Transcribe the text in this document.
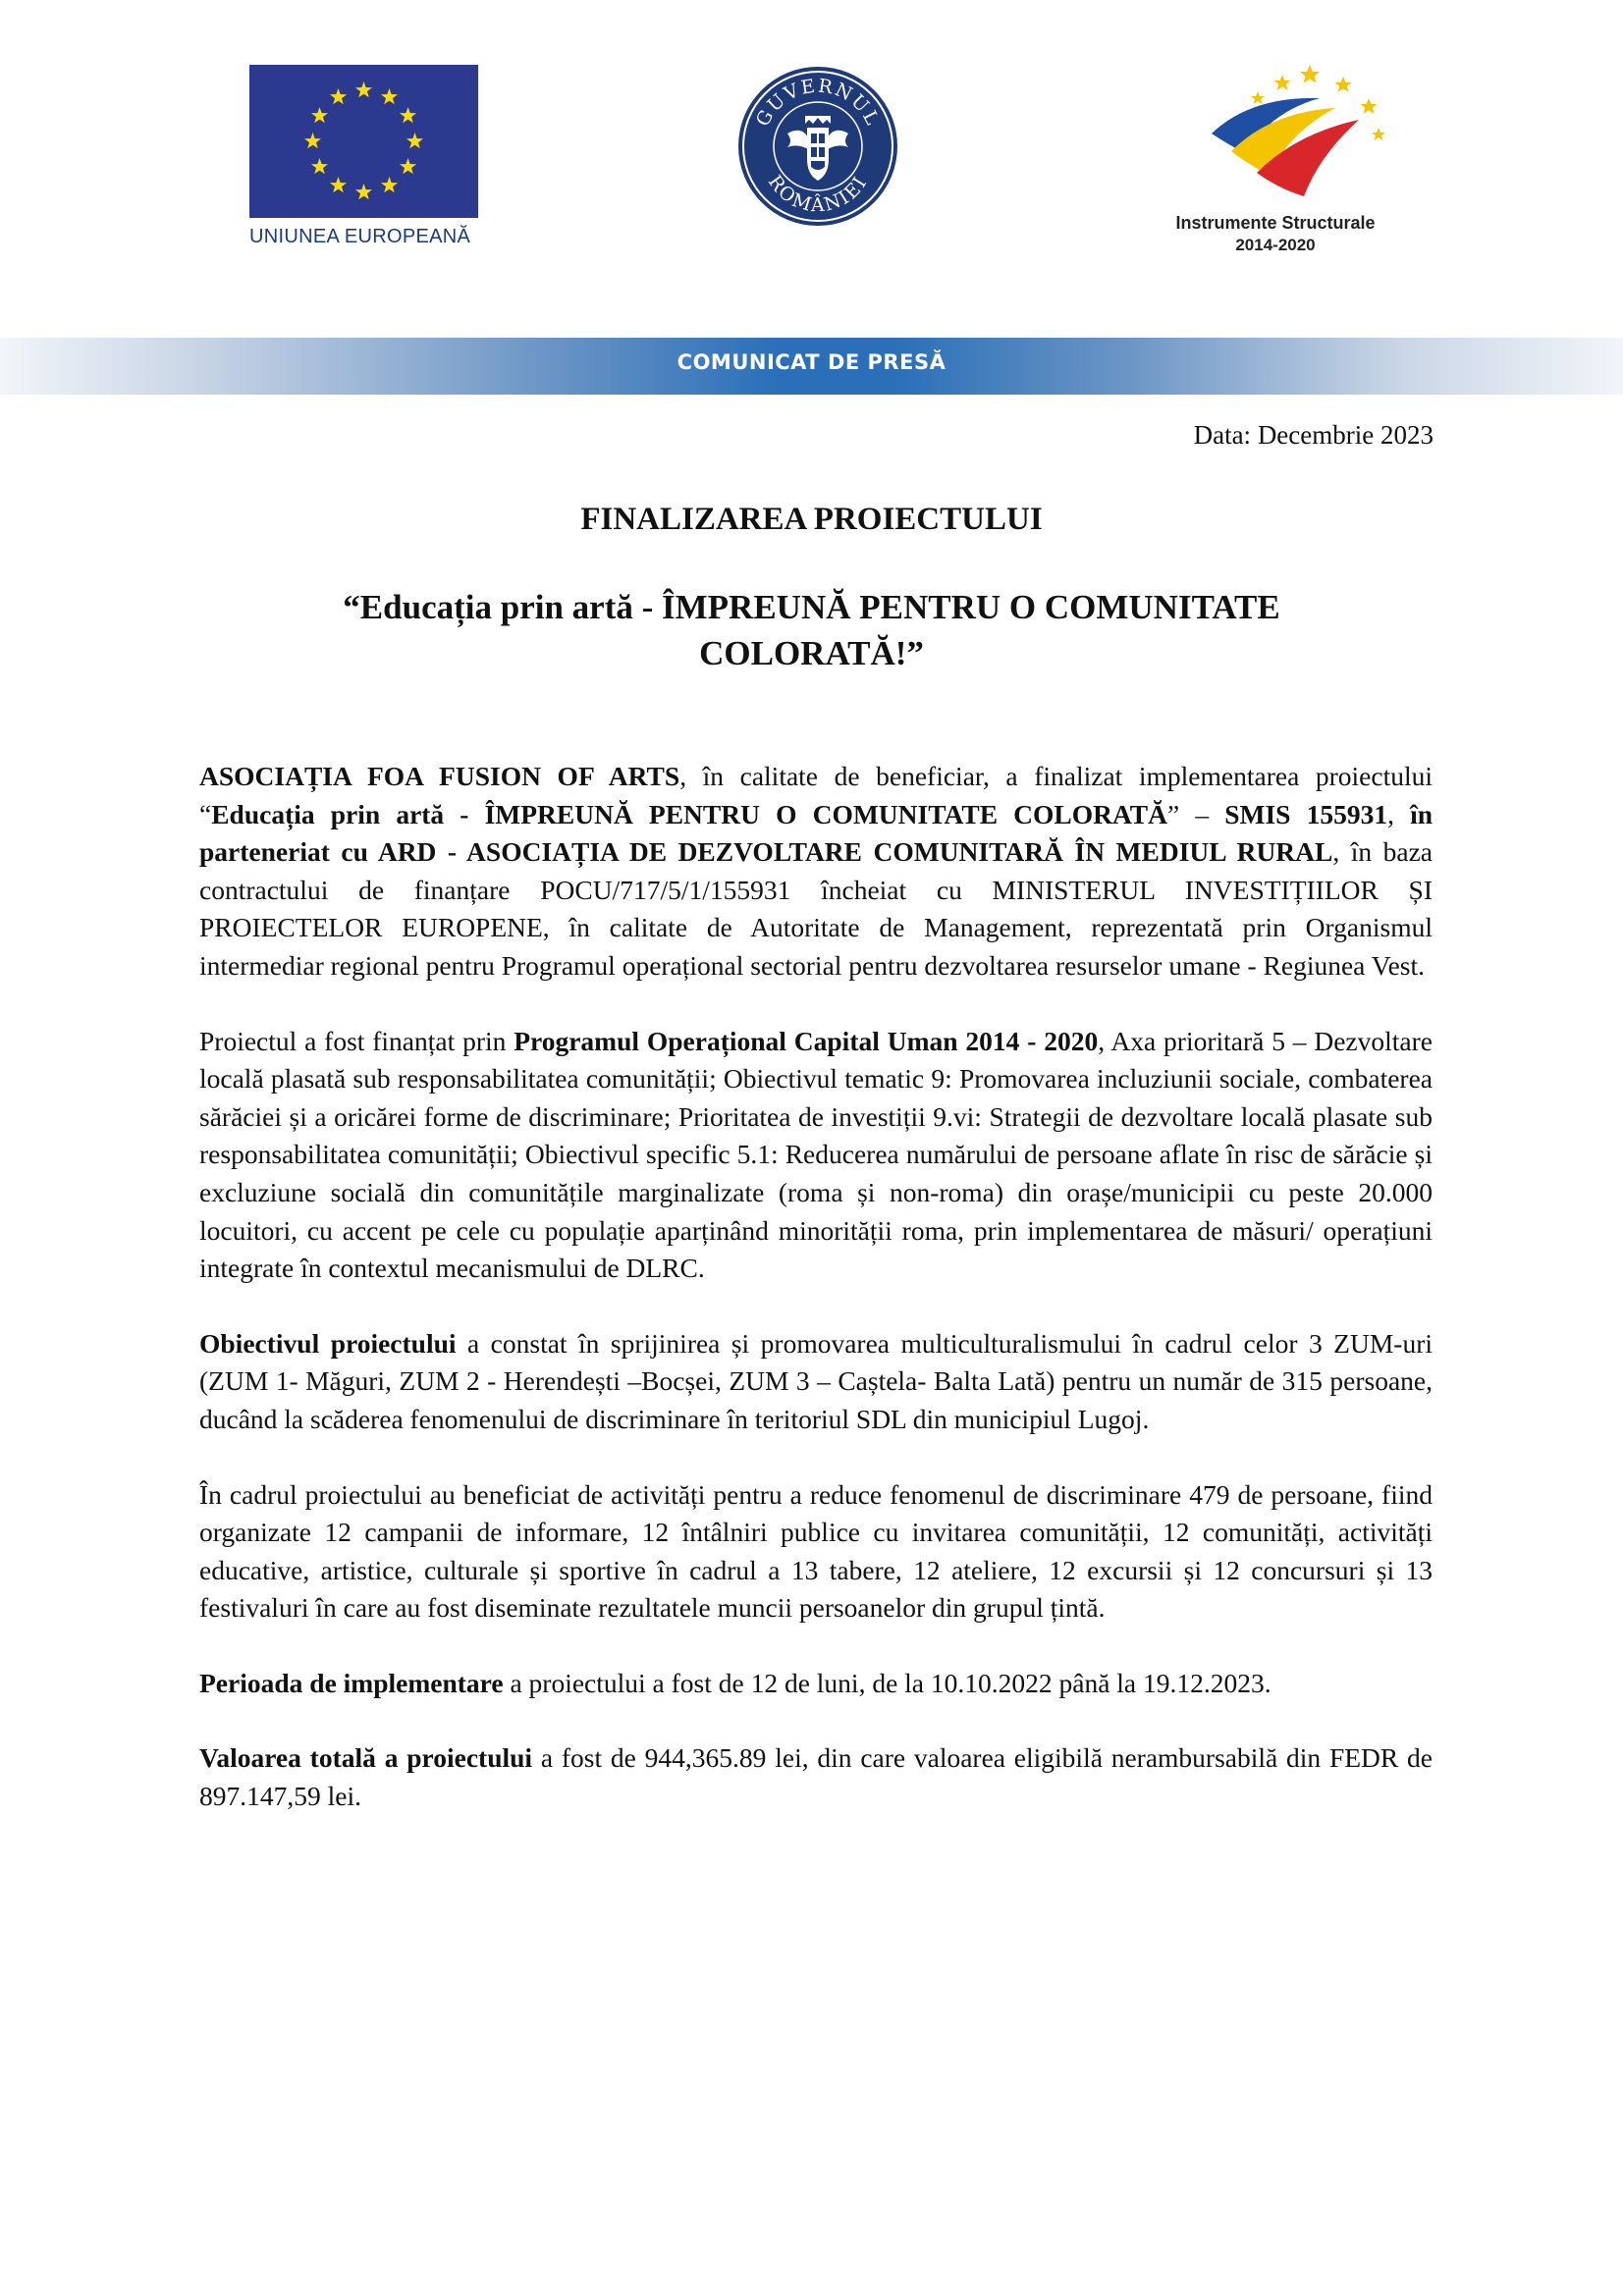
UNIUNEA EUROPEANĂ
GUVERNUL
ROMÂNIEI
Instrumente Structurale
2014-2020
COMUNICAT DE PRESĂ
Data: Decembrie 2023
FINALIZAREA PROIECTULUI
“Educația prin artă - ÎMPREUNĂ PENTRU O COMUNITATE COLORATĂ!”

ASOCIAȚIA FOA FUSION OF ARTS, în calitate de beneficiar, a finalizat implementarea proiectului “Educația prin artă - ÎMPREUNĂ PENTRU O COMUNITATE COLORATĂ” – SMIS 155931, în parteneriat cu ARD - ASOCIAȚIA DE DEZVOLTARE COMUNITARĂ ÎN MEDIUL RURAL, în baza contractului de finanțare POCU/717/5/1/155931 încheiat cu MINISTERUL INVESTIȚIILOR ȘI PROIECTELOR EUROPENE, în calitate de Autoritate de Management, reprezentată prin Organismul intermediar regional pentru Programul operațional sectorial pentru dezvoltarea resurselor umane - Regiunea Vest.

Proiectul a fost finanțat prin Programul Operațional Capital Uman 2014 - 2020, Axa prioritară 5 – Dezvoltare locală plasată sub responsabilitatea comunității; Obiectivul tematic 9: Promovarea incluziunii sociale, combaterea sărăciei și a oricărei forme de discriminare; Prioritatea de investiții 9.vi: Strategii de dezvoltare locală plasate sub responsabilitatea comunității; Obiectivul specific 5.1: Reducerea numărului de persoane aflate în risc de sărăcie și excluziune socială din comunitățile marginalizate (roma și non-roma) din orașe/municipii cu peste 20.000 locuitori, cu accent pe cele cu populație aparținând minorității roma, prin implementarea de măsuri/ operațiuni integrate în contextul mecanismului de DLRC.

Obiectivul proiectului a constat în sprijinirea și promovarea multiculturalismului în cadrul celor 3 ZUM-uri (ZUM 1- Măguri, ZUM 2 - Herendești –Bocșei, ZUM 3 – Caștela- Balta Lată) pentru un număr de 315 persoane, ducând la scăderea fenomenului de discriminare în teritoriul SDL din municipiul Lugoj.

În cadrul proiectului au beneficiat de activități pentru a reduce fenomenul de discriminare 479 de persoane, fiind organizate 12 campanii de informare, 12 întâlniri publice cu invitarea comunității, 12 comunități, activități educative, artistice, culturale și sportive în cadrul a 13 tabere, 12 ateliere, 12 excursii și 12 concursuri și 13 festivaluri în care au fost diseminate rezultatele muncii persoanelor din grupul țintă.

Perioada de implementare a proiectului a fost de 12 de luni, de la 10.10.2022 până la 19.12.2023.

Valoarea totală a proiectului a fost de 944,365.89 lei, din care valoarea eligibilă nerambursabilă din FEDR de 897.147,59 lei.
